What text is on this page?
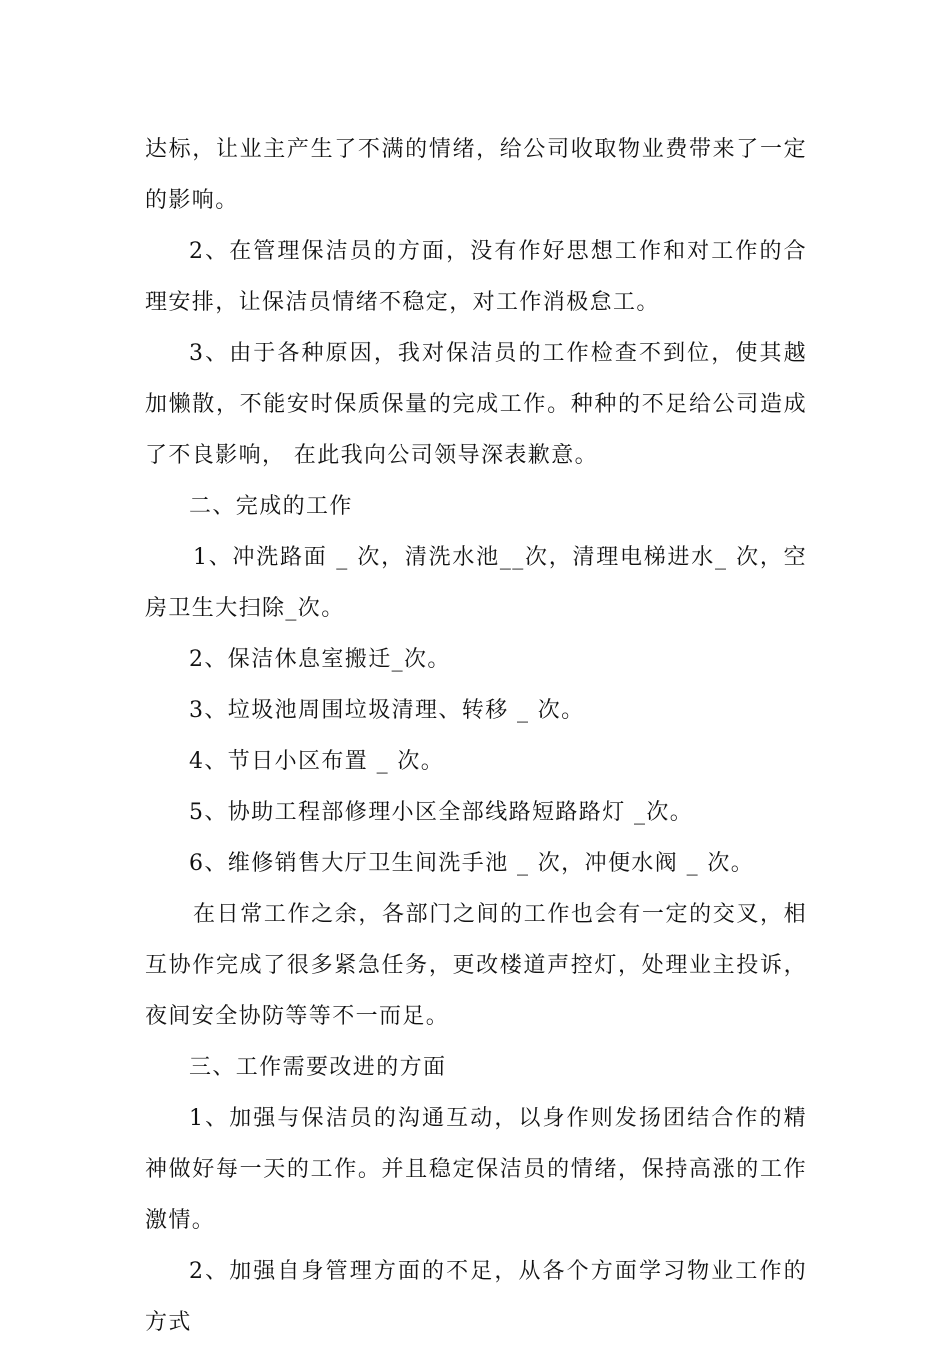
达标，让业主产生了不满的情绪，给公司收取物业费带来了一定的影响。

2、在管理保洁员的方面，没有作好思想工作和对工作的合理安排，让保洁员情绪不稳定，对工作消极怠工。

3、由于各种原因，我对保洁员的工作检查不到位，使其越加懒散，不能安时保质保量的完成工作。种种的不足给公司造成了不良影响， 在此我向公司领导深表歉意。

二、完成的工作

1、冲洗路面 _ 次，清洗水池__次，清理电梯进水_ 次，空房卫生大扫除_次。

2、保洁休息室搬迁_次。

3、垃圾池周围垃圾清理、转移 _ 次。

4、节日小区布置 _ 次。

5、协助工程部修理小区全部线路短路路灯 _次。

6、维修销售大厅卫生间洗手池 _ 次，冲便水阀 _ 次。

在日常工作之余，各部门之间的工作也会有一定的交叉，相互协作完成了很多紧急任务，更改楼道声控灯，处理业主投诉，夜间安全协防等等不一而足。

三、工作需要改进的方面

1、加强与保洁员的沟通互动，以身作则发扬团结合作的精神做好每一天的工作。并且稳定保洁员的情绪，保持高涨的工作激情。

2、加强自身管理方面的不足，从各个方面学习物业工作的方式
